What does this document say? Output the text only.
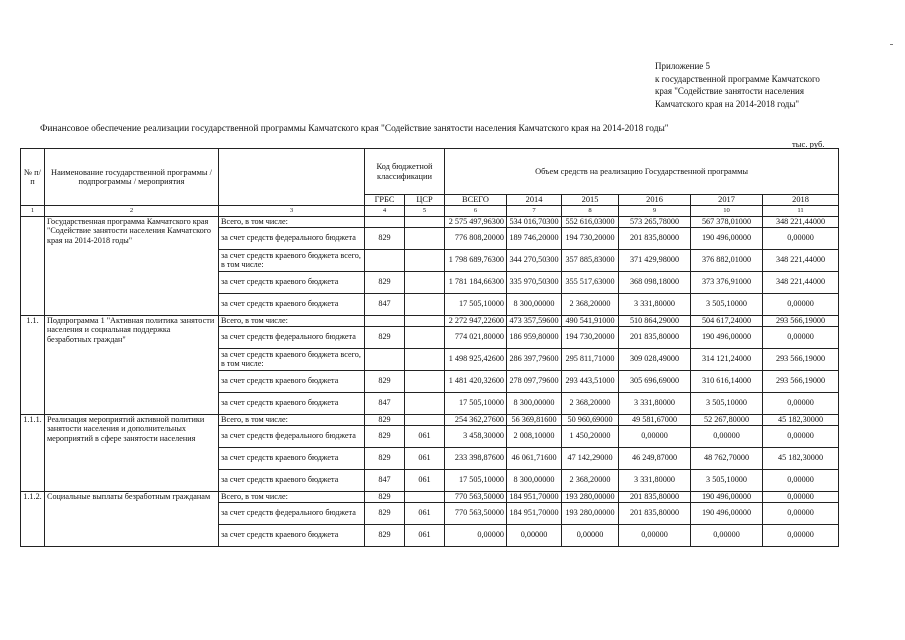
Приложение 5
к государственной программе Камчатского
края "Содействие занятости населения
Камчатского края на 2014-2018 годы"
Финансовое обеспечение реализации государственной программы Камчатского края "Содействие занятости населения Камчатского края на 2014-2018 годы"
тыс. руб.
№ п/п	Наименование государственной программы / подпрограммы / мероприятия		Код бюджетной классификации		Объем средств на реализацию Государственной программы					
			ГРБС	ЦСР	ВСЕГО	2014	2015	2016	2017	2018
1	2	3	4	5	6	7	8	9	10	11
	Государственная программа Камчатского края "Содействие занятости населения Камчатского края на 2014-2018 годы"	Всего, в том числе:			2 575 497,96300	534 016,70300	552 616,03000	573 265,78000	567 378,01000	348 221,44000
		за счет средств федерального бюджета	829		776 808,20000	189 746,20000	194 730,20000	201 835,80000	190 496,00000	0,00000
		за счет средств краевого бюджета всего, в том числе:			1 798 689,76300	344 270,50300	357 885,83000	371 429,98000	376 882,01000	348 221,44000
		за счет средств краевого бюджета	829		1 781 184,66300	335 970,50300	355 517,63000	368 098,18000	373 376,91000	348 221,44000
		за счет средств краевого бюджета	847		17 505,10000	8 300,00000	2 368,20000	3 331,80000	3 505,10000	0,00000
1.1.	Подпрограмма 1 "Активная политика занятости населения и социальная поддержка безработных граждан"	Всего, в том числе:			2 272 947,22600	473 357,59600	490 541,91000	510 864,29000	504 617,24000	293 566,19000
		за счет средств федерального бюджета	829		774 021,80000	186 959,80000	194 730,20000	201 835,80000	190 496,00000	0,00000
		за счет средств краевого бюджета всего, в том числе:			1 498 925,42600	286 397,79600	295 811,71000	309 028,49000	314 121,24000	293 566,19000
		за счет средств краевого бюджета	829		1 481 420,32600	278 097,79600	293 443,51000	305 696,69000	310 616,14000	293 566,19000
		за счет средств краевого бюджета	847		17 505,10000	8 300,00000	2 368,20000	3 331,80000	3 505,10000	0,00000
1.1.1.	Реализация мероприятий активной политики занятости населения и дополнительных мероприятий в сфере занятости населения	Всего, в том числе:	829		254 362,27600	56 369,81600	50 960,69000	49 581,67000	52 267,80000	45 182,30000
		за счет средств федерального бюджета	829	061	3 458,30000	2 008,10000	1 450,20000	0,00000	0,00000	0,00000
		за счет средств краевого бюджета	829	061	233 398,87600	46 061,71600	47 142,29000	46 249,87000	48 762,70000	45 182,30000
		за счет средств краевого бюджета	847	061	17 505,10000	8 300,00000	2 368,20000	3 331,80000	3 505,10000	0,00000
1.1.2.	Социальные выплаты безработным гражданам	Всего, в том числе:	829		770 563,50000	184 951,70000	193 280,00000	201 835,80000	190 496,00000	0,00000
		за счет средств федерального бюджета	829	061	770 563,50000	184 951,70000	193 280,00000	201 835,80000	190 496,00000	0,00000
		за счет средств краевого бюджета	829	061	0,00000	0,00000	0,00000	0,00000	0,00000	0,00000
